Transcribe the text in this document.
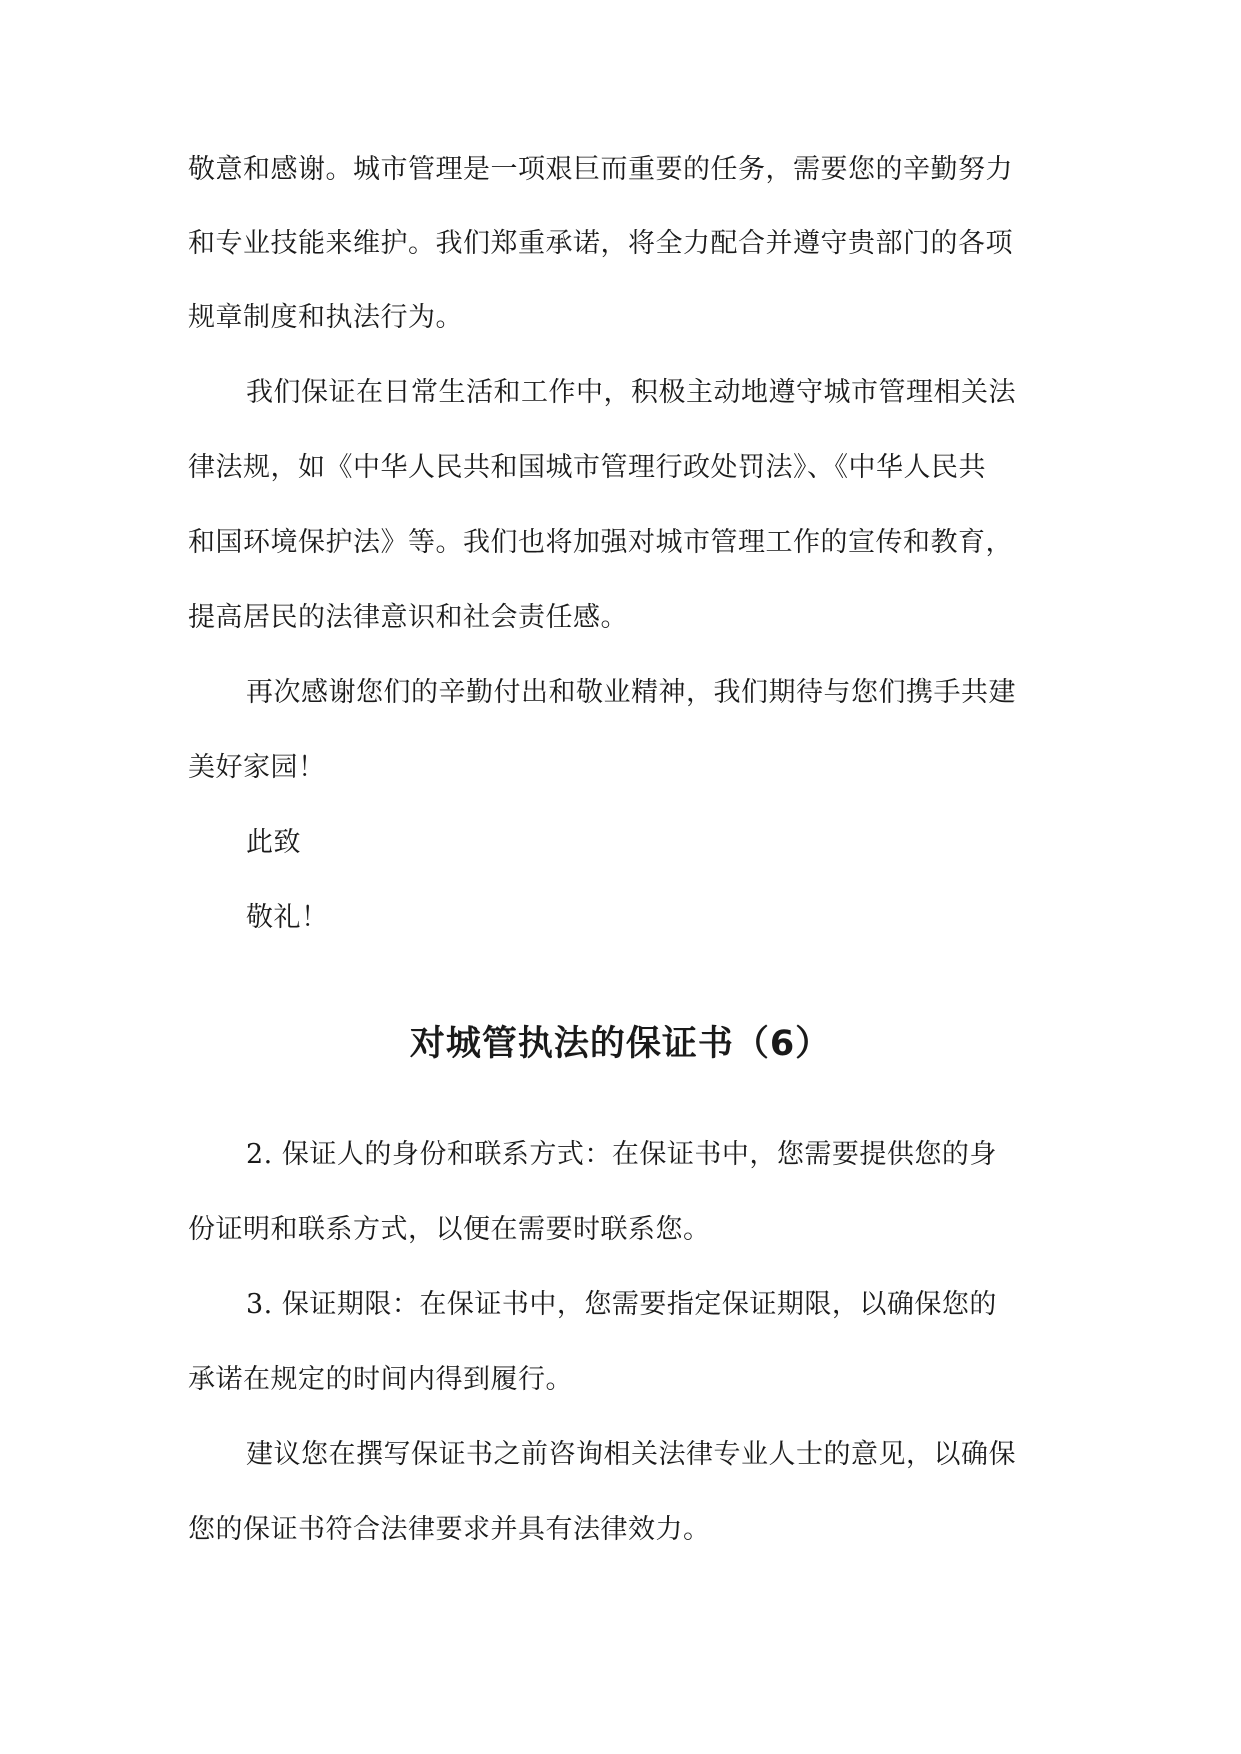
敬意和感谢。城市管理是一项艰巨而重要的任务，需要您的辛勤努力
和专业技能来维护。我们郑重承诺，将全力配合并遵守贵部门的各项
规章制度和执法行为。
我们保证在日常生活和工作中，积极主动地遵守城市管理相关法
律法规，如《中华人民共和国城市管理行政处罚法》、《中华人民共
和国环境保护法》等。我们也将加强对城市管理工作的宣传和教育，
提高居民的法律意识和社会责任感。
再次感谢您们的辛勤付出和敬业精神，我们期待与您们携手共建
美好家园！
此致
敬礼！
对城管执法的保证书（6）
2. 保证人的身份和联系方式：在保证书中，您需要提供您的身
份证明和联系方式，以便在需要时联系您。
3. 保证期限：在保证书中，您需要指定保证期限，以确保您的
承诺在规定的时间内得到履行。
建议您在撰写保证书之前咨询相关法律专业人士的意见，以确保
您的保证书符合法律要求并具有法律效力。
